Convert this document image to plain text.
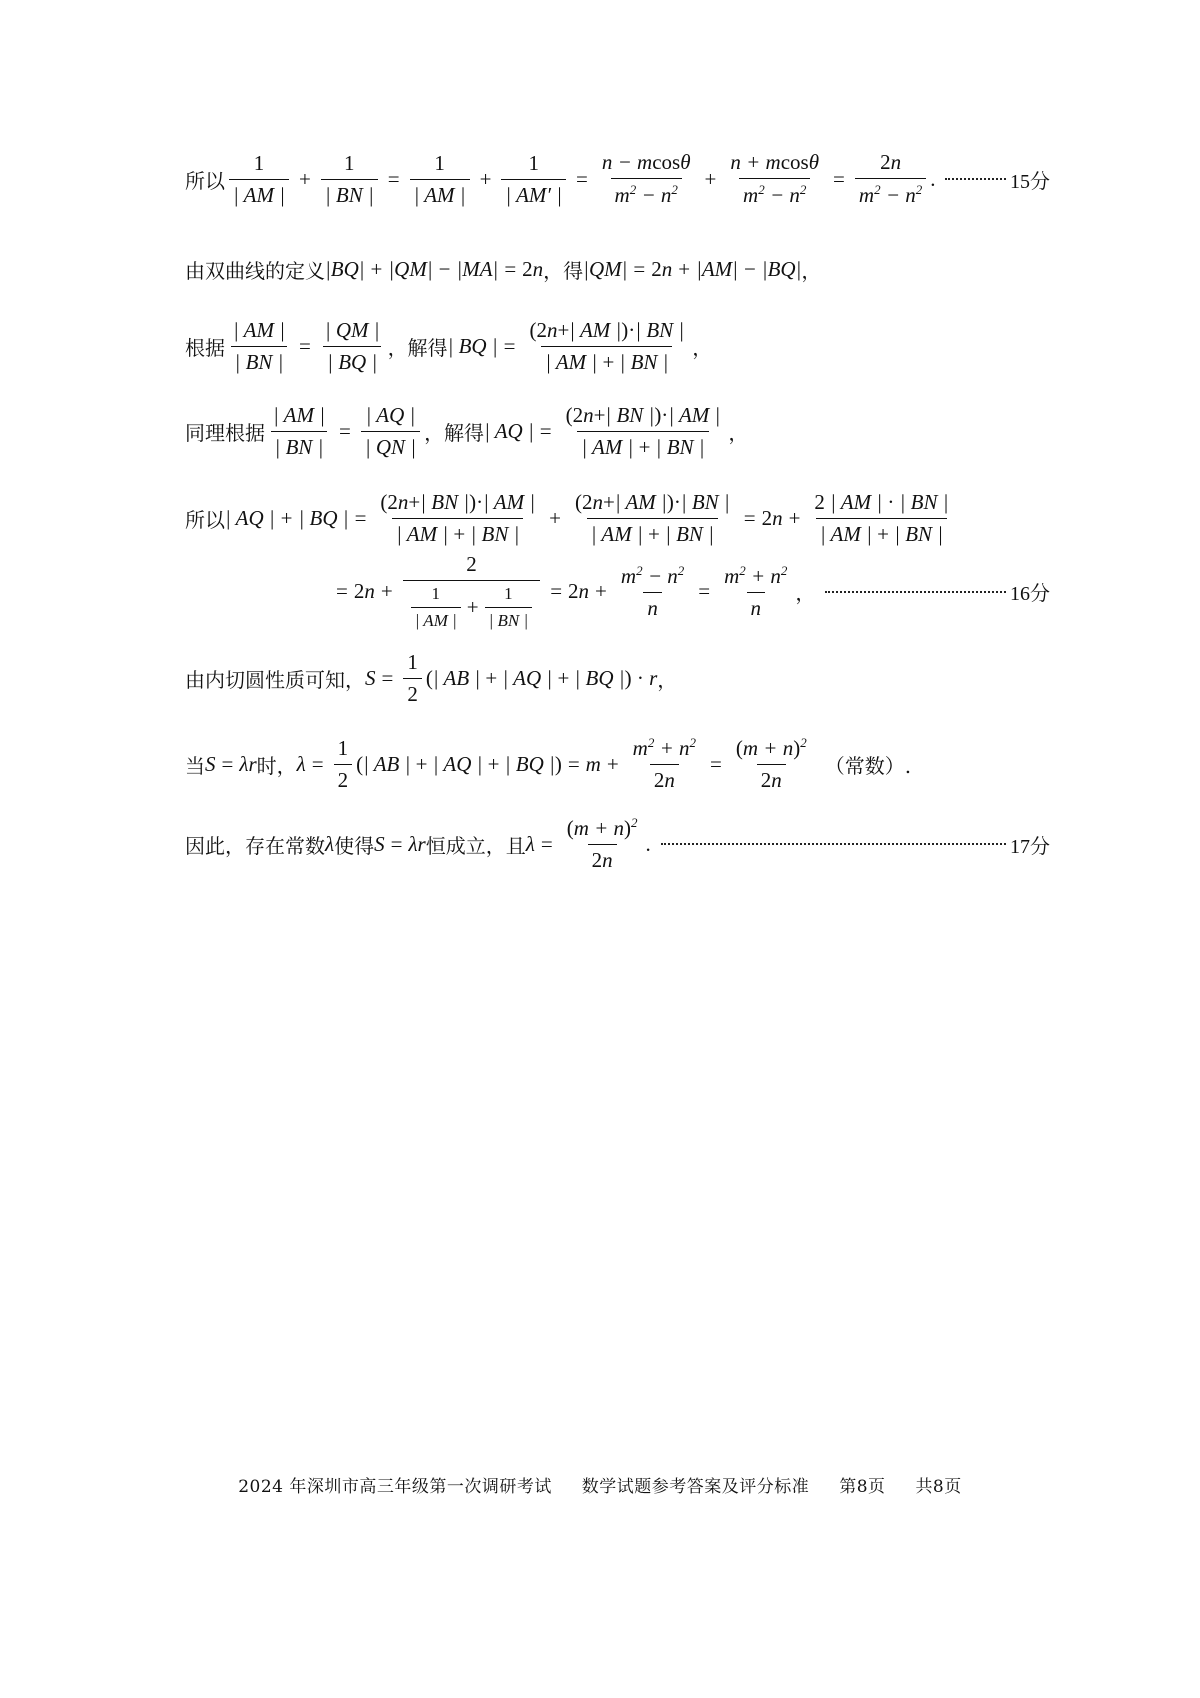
所以 $\frac{1}{| AM |} + \frac{1}{| BN |} = \frac{1}{| AM |} + \frac{1}{| AM' |} = \frac{n - mcos\theta}{m^2 - n^2} + \frac{n + mcos\theta}{m^2 - n^2} = \frac{2n}{m^2 - n^2}$ .	15分
由双曲线的定义 |BQ| + |QM| − |MA| = 2n ，得 |QM| = 2n + |AM| − |BQ| ，
根据 $\frac{| AM |}{| BN |} = \frac{| QM |}{| BQ |}$ ，解得 | BQ | = $\frac{(2n+| AM |)\cdot| BN |}{| AM | + | BN |}$ ，
同理根据 $\frac{| AM |}{| BN |} = \frac{| AQ |}{| QN |}$ ，解得 | AQ | = $\frac{(2n+| BN |)\cdot| AM |}{| AM | + | BN |}$ ，
所以 | AQ | + | BQ | = $\frac{(2n+| BN |)\cdot| AM |}{| AM | + | BN |} + \frac{(2n+| AM |)\cdot| BN |}{| AM | + | BN |} = 2n + \frac{2 | AM | \cdot | BN |}{| AM | + | BN |}$
= $2n + \frac{2}{\frac{1}{| AM |} + \frac{1}{| BN |}} = 2n + \frac{m^2 - n^2}{n} = \frac{m^2 + n^2}{n}$ ，	16分
由内切圆性质可知， $S = \frac{1}{2}$ (| AB | + | AQ | + | BQ |) · r ，
当 S = λr 时， $\lambda = \frac{1}{2}$ (| AB | + | AQ | + | BQ |) = $m + \frac{m^2 + n^2}{2n} = \frac{(m + n)^2}{2n}$ （常数）.
因此，存在常数 λ 使得 S = λr 恒成立，且 $\lambda = \frac{(m + n)^2}{2n}$ .	17分
2024 年深圳市高三年级第一次调研考试 数学试题参考答案及评分标准 第8页 共8页
